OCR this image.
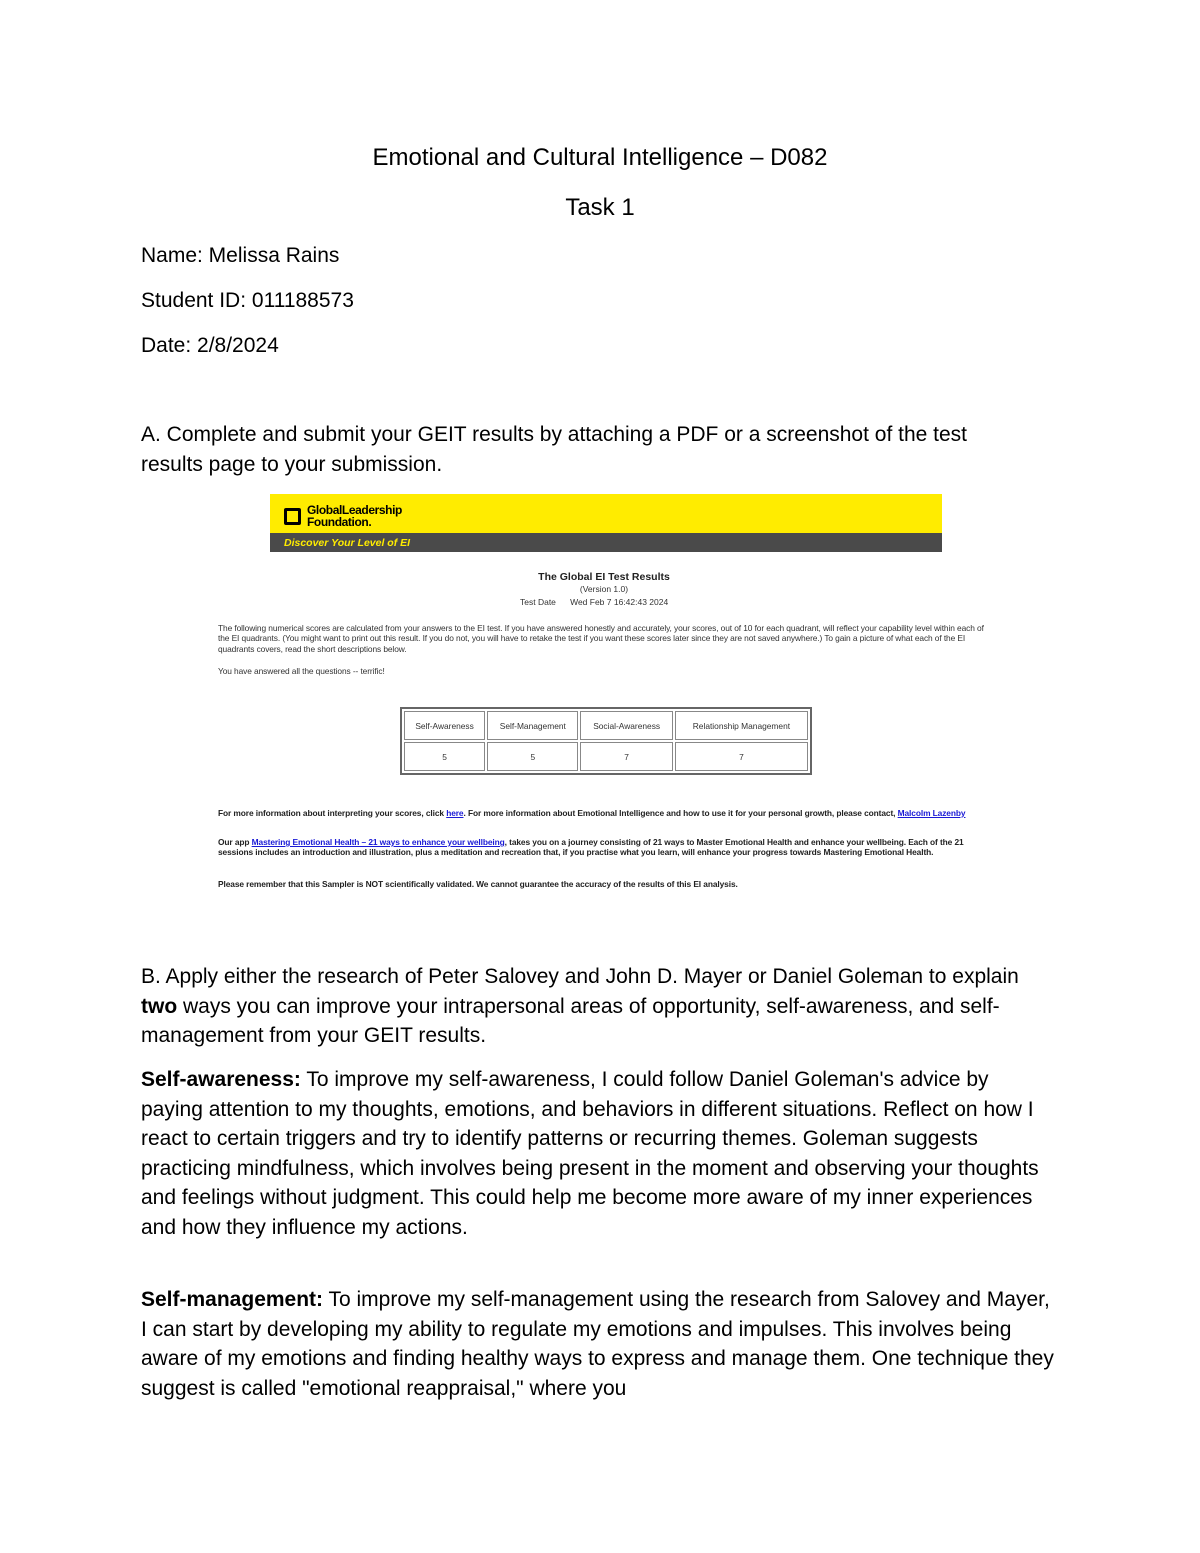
Emotional and Cultural Intelligence – D082

Task 1

Name: Melissa Rains

Student ID: 011188573

Date: 2/8/2024

A. Complete and submit your GEIT results by attaching a PDF or a screenshot of the test results page to your submission.

GlobalLeadership
Foundation.
Discover Your Level of EI
The Global EI Test Results
(Version 1.0)
Test Date      Wed Feb 7 16:42:43 2024

The following numerical scores are calculated from your answers to the EI test. If you have answered honestly and accurately, your scores, out of 10 for each quadrant, will reflect your capability level within each of the EI quadrants. (You might want to print out this result. If you do not, you will have to retake the test if you want these scores later since they are not saved anywhere.) To gain a picture of what each of the EI quadrants covers, read the short descriptions below.

You have answered all the questions -- terrific!

Self-Awareness	Self-Management	Social-Awareness	Relationship Management
5	5	7	7

For more information about interpreting your scores, click here. For more information about Emotional Intelligence and how to use it for your personal growth, please contact, Malcolm Lazenby

Our app Mastering Emotional Health – 21 ways to enhance your wellbeing, takes you on a journey consisting of 21 ways to Master Emotional Health and enhance your wellbeing. Each of the 21 sessions includes an introduction and illustration, plus a meditation and recreation that, if you practise what you learn, will enhance your progress towards Mastering Emotional Health.

Please remember that this Sampler is NOT scientifically validated. We cannot guarantee the accuracy of the results of this EI analysis.

B. Apply either the research of Peter Salovey and John D. Mayer or Daniel Goleman to explain two ways you can improve your intrapersonal areas of opportunity, self-awareness, and self-management from your GEIT results.

Self-awareness: To improve my self-awareness, I could follow Daniel Goleman's advice by paying attention to my thoughts, emotions, and behaviors in different situations. Reflect on how I react to certain triggers and try to identify patterns or recurring themes. Goleman suggests practicing mindfulness, which involves being present in the moment and observing your thoughts and feelings without judgment. This could help me become more aware of my inner experiences and how they influence my actions.

Self-management: To improve my self-management using the research from Salovey and Mayer, I can start by developing my ability to regulate my emotions and impulses. This involves being aware of my emotions and finding healthy ways to express and manage them. One technique they suggest is called "emotional reappraisal," where you
